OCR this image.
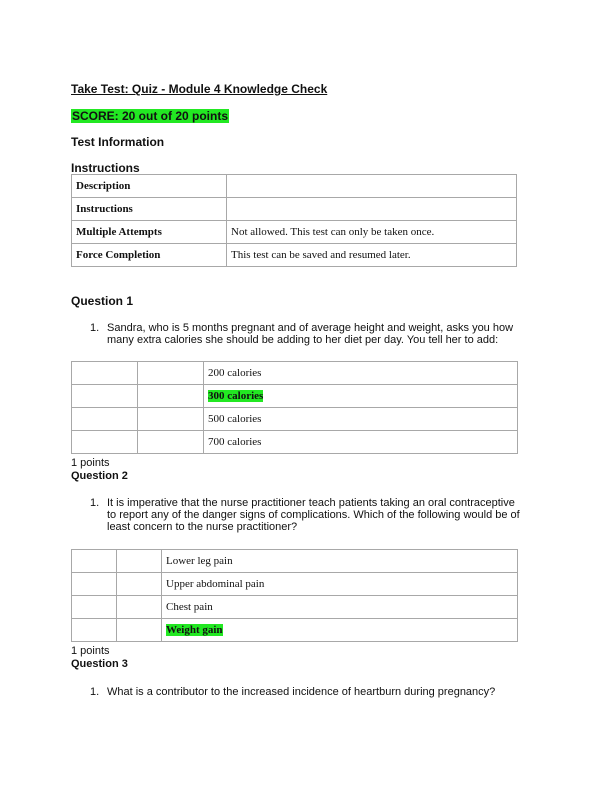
Take Test: Quiz - Module 4 Knowledge Check
SCORE: 20 out of 20 points
Test Information
Instructions
Description	
Instructions	
Multiple Attempts	Not allowed. This test can only be taken once.
Force Completion	This test can be saved and resumed later.
Question 1
1. Sandra, who is 5 months pregnant and of average height and weight, asks you how
many extra calories she should be adding to her diet per day. You tell her to add:
		200 calories
		300 calories
		500 calories
		700 calories
1 points
Question 2
1. It is imperative that the nurse practitioner teach patients taking an oral contraceptive
to report any of the danger signs of complications. Which of the following would be of
least concern to the nurse practitioner?
		Lower leg pain
		Upper abdominal pain
		Chest pain
		Weight gain
1 points
Question 3
1. What is a contributor to the increased incidence of heartburn during pregnancy?
